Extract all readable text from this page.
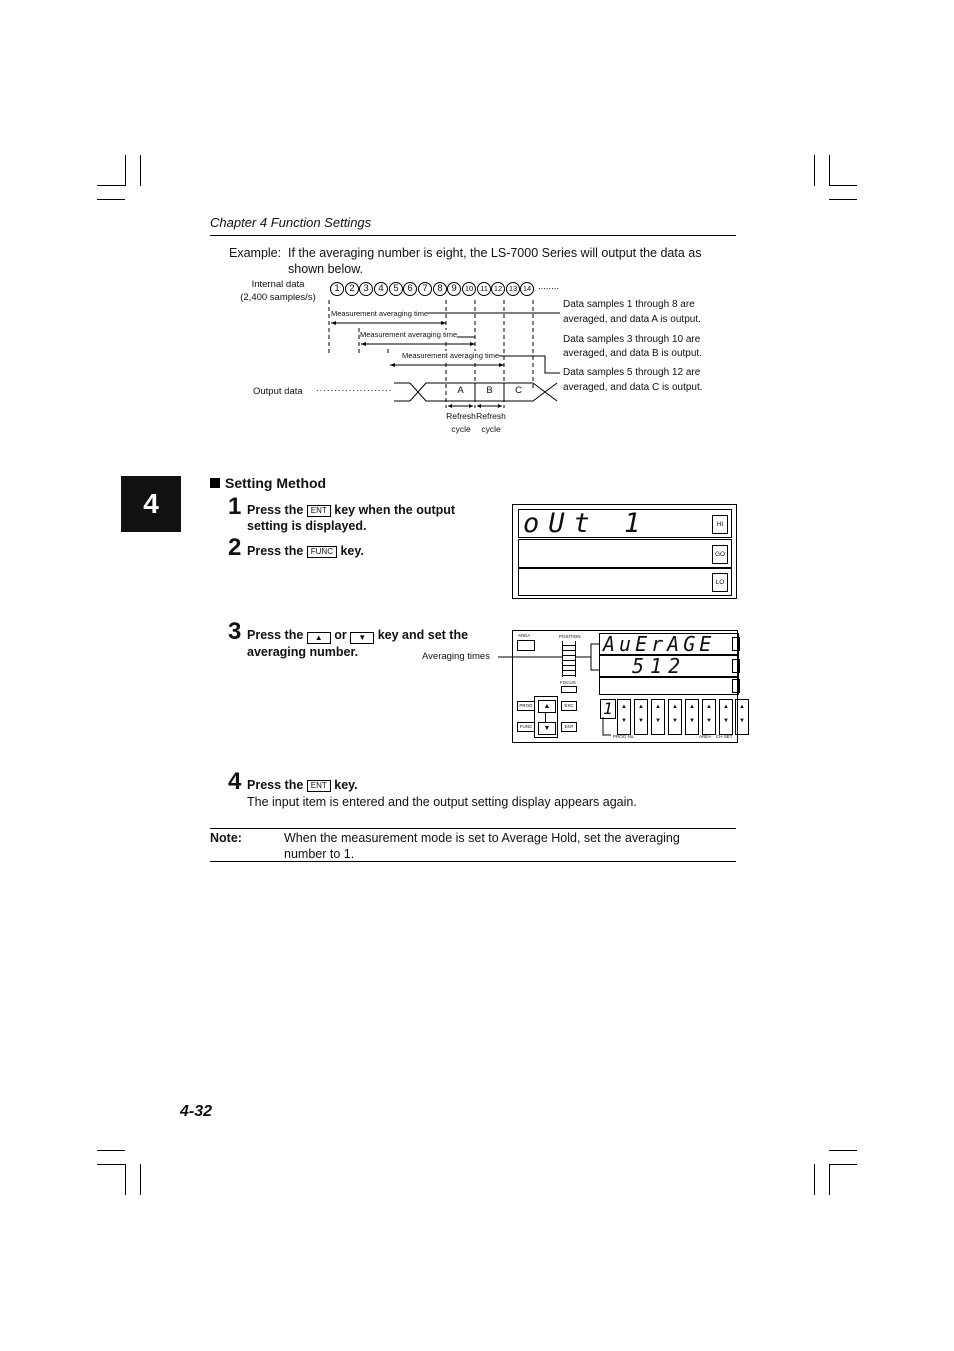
Chapter 4 Function Settings
Example: If the averaging number is eight, the LS-7000 Series will output the data as
shown below.
Internal data
(2,400 samples/s)
1	2 3	4	5 6	7	8 9	10 11 12 13 14 ........
Measurement averaging time
Measurement averaging time
Measurement averaging time
Output data .....................	A	B	C
Refresh Refresh
cycle	cycle
Data samples 1 through 8 are
averaged, and data A is output.
Data samples 3 through 10 are
averaged, and data B is output.
Data samples 5 through 12 are
averaged, and data C is output.
4
Setting Method
1 Press the ENT key when the output
setting is displayed.
2 Press the FUNC key.
oUt 1	HI
GO
LO
3 Press the ▲ or ▼ key and set the
averaging number.	Averaging times
AREA	POSITION
FOCUS
AuErAGE
512
PROG
FUNC
▲
▼
ESC
ENT
1
PROG No.	AREA CH SET
▲
▼
▲
▼
▲
▼
▲
▼
▲
▼
▲
▼
▲
▼
▲
▼
4 Press the ENT key.
The input item is entered and the output setting display appears again.
Note:	When the measurement mode is set to Average Hold, set the averaging
number to 1.
4-32
